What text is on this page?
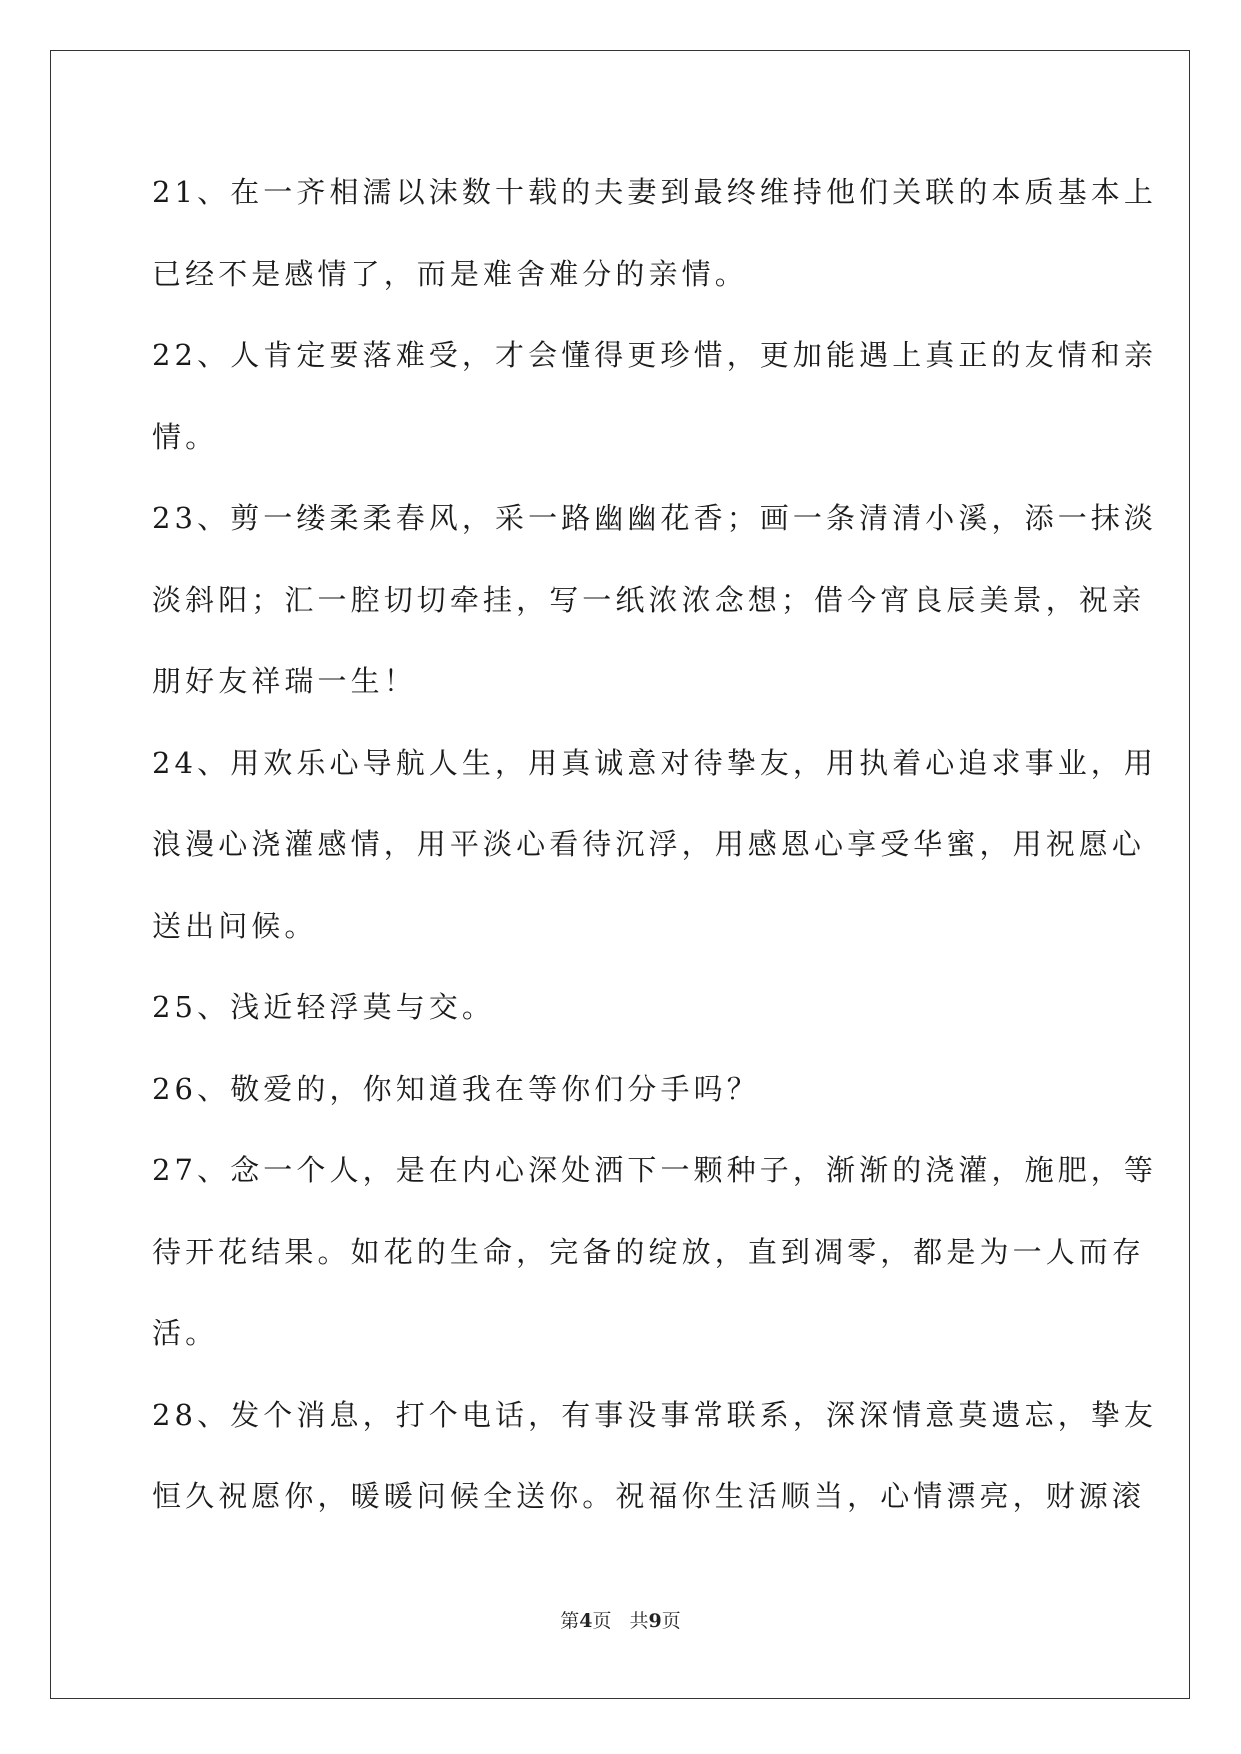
21、在一齐相濡以沫数十载的夫妻到最终维持他们关联的本质基本上
已经不是感情了，而是难舍难分的亲情。
22、人肯定要落难受，才会懂得更珍惜，更加能遇上真正的友情和亲
情。
23、剪一缕柔柔春风，采一路幽幽花香；画一条清清小溪，添一抹淡
淡斜阳；汇一腔切切牵挂，写一纸浓浓念想；借今宵良辰美景，祝亲
朋好友祥瑞一生！
24、用欢乐心导航人生，用真诚意对待挚友，用执着心追求事业，用
浪漫心浇灌感情，用平淡心看待沉浮，用感恩心享受华蜜，用祝愿心
送出问候。
25、浅近轻浮莫与交。
26、敬爱的，你知道我在等你们分手吗？
27、念一个人，是在内心深处洒下一颗种子，渐渐的浇灌，施肥，等
待开花结果。如花的生命，完备的绽放，直到凋零，都是为一人而存
活。
28、发个消息，打个电话，有事没事常联系，深深情意莫遗忘，挚友
恒久祝愿你，暖暖问候全送你。祝福你生活顺当，心情漂亮，财源滚
第4页 共9页
